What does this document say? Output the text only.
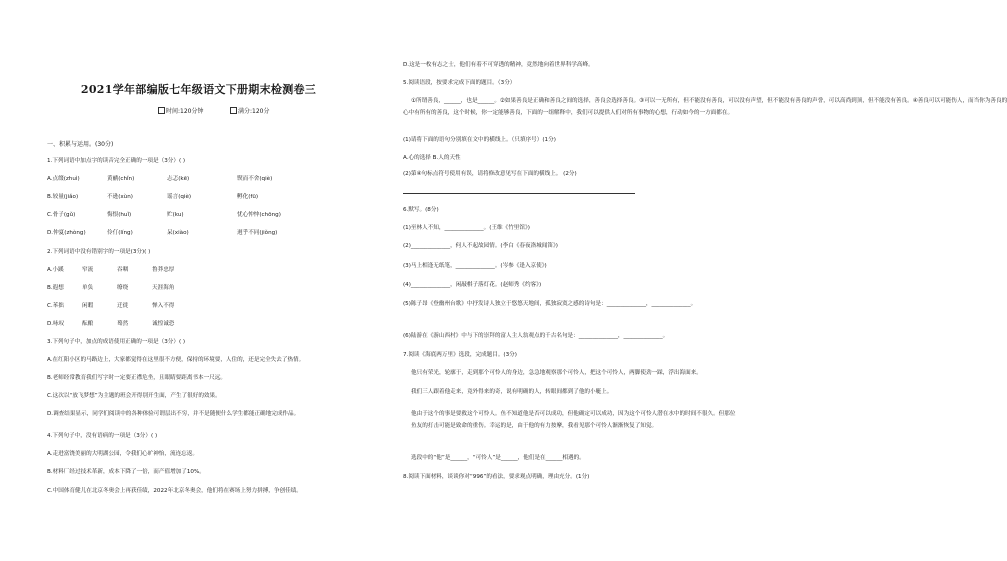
2021学年部编版七年级语文下册期末检测卷三
时间:120分钟	满分:120分
一、积累与运用。(30分)
1.下列词语中加点字的读音完全正确的一项是（3分）( )
A.点缀(zhuì)	黄鹂(chǐn)	忐忑(kē)	锲而不舍(qiè)
B.较量(jiǎo)	不逊(xùn)	谣言(qiè)	孵化(fū)
C.骨子(gǔ)	悔恨(huǐ)	贮(ku)	忧心忡忡(chōng)
D.仲夏(zhòng)	伶仃(líng)	呆(xiào)	迥乎不同(jiǒng)
2.下列词语中没有错别字的一项是(3分)( )
A.小蹊	窄流	吞咽	鲁莽忠厚
B.遐想	单负	缭绕	天涯海角
C.苯拙	闲暇	迁徙	惮入不得
D.咏叹	酝酿	蓦然	诚惶诚恐
3.下列句子中，加点的成语使用正确的一项是（3分）( )
A.在红阳小区的马路边上，大家都觉得在这里很不方便，保持的环境要，人住的，还是完全失去了热情。
B.老师经常教育我们写字时一定要正襟危坐，且眼睛要距离书本一尺远。
C.这次以“放飞梦想”为主题的班会开得别开生面，产生了很好的效果。
D.调查结果显示，同学们阅读中的各种体验可谓层出不穷，并不是随便什么学生都能正确地完成作品。
4.下列句子中，没有语病的一项是（3分）( )
A.走进富饶美丽的大明湖公园，令我们心旷神怡，流连忘返。
B.材料厂经过技术革新，成本下降了一倍，而产值增加了10%。
C.中国体育健儿在北京冬奥会上再获佳绩，2022年北京冬奥会，他们将在赛场上努力拼搏，争创佳绩。
D.这是一枚有志之士，他们有着不可穿透的精神，竟然地向着世界科学高峰。
5.阅读语段，按要求完成下面的题目。（3分）
①所谓善良，______，也是______。②如果善良是正确和善良之间的选择，善良会选择善良。③可以一无所有，但不能没有善良，可以没有声望，但不能没有善良的声誉，可以高尚到顶，但不能没有善良。④善良可以可能伤人，而当你为善良的
心中有所有的善良，这个时候，你一定能够善良，下面的一组解释中，我们可以提供人们对所有事物的心想，行动如今的一方面都在。
(1)请将下面的语句分别填在文中的横线上。（只填序号）(1分)
A.心的选择 B.人的天性
(2)第④句标点符号使用有误，请将修改意见写在下面的横线上。 (2分)
6.默写。(8分)
(1)至林人不知，______________。(王维《竹里馆》)
(2)______________，何人不起故园情。(李白《春夜洛城闻笛》)
(3)马上相逢无纸笔，______________。(岑参《逢入京使》)
(4)______________，闲敲棋子落灯花。(赵师秀《约客》)
(5)陈子昂《登幽州台歌》中抒发诗人独立于悠悠天地间，孤独寂寞之感的诗句是：______________，______________。
(6)陆游在《游山西村》中与下的崇拜的富人主人翁观点的千古名句是：______________，______________。
7.阅读《海底两万里》选段，完成题目。(3分)
他只有荣光，轮廓于，走到那个可怜人的身边，急急地观察那个可怜人，把这个可怜人，两脚使劲一踩，浮出海面来。
我们三人跟着他走来，竟外得来的奇，说有明确的人，转眼间都到了他的小艇上。
他由于这个的事是要救这个可怜人。鱼不知道他是否可以成功，但他确定可以成功，因为这个可怜人潜在水中的时间不很久。但那位鱼友的打击可能是致命的重伤。幸运的是，由于他的有力按摩，我看见那个可怜人渐渐恢复了知觉。
选段中的“他”是______，“可怜人”是______，他们是在______相遇的。
8.阅读下面材料，谈谈你对“996”的看法，要求观点明确，理由充分。(1分)
